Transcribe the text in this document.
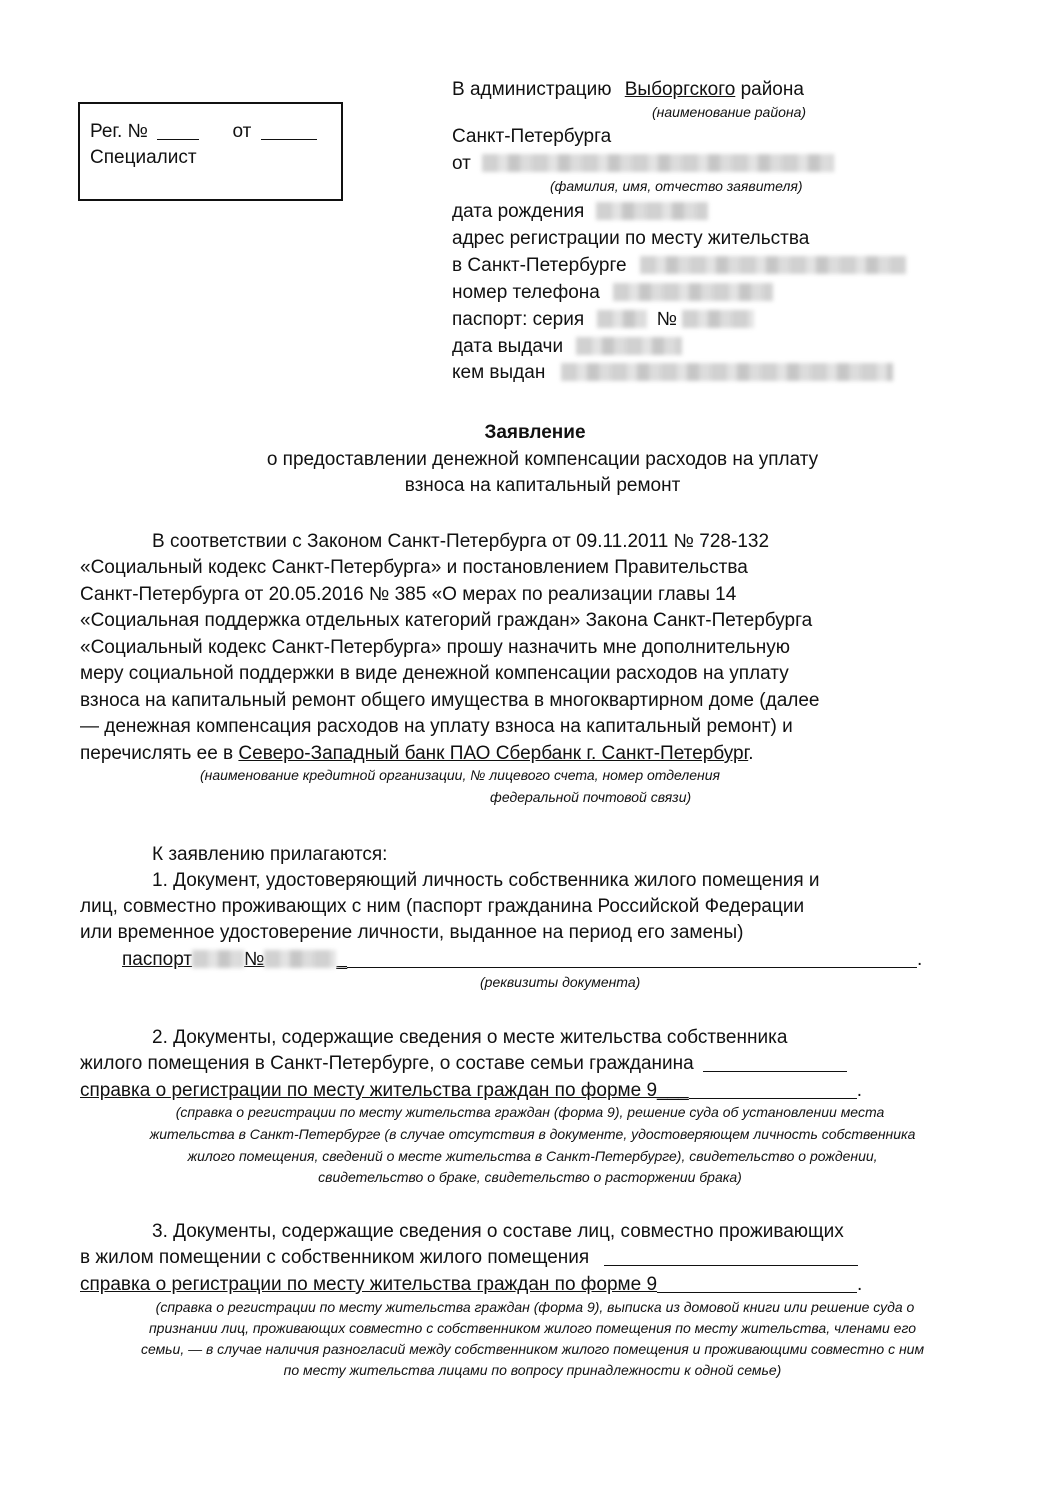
Рег. №	от
Специалист
В администрацию Выборгского района
(наименование района)
Санкт-Петербурга
от
(фамилия, имя, отчество заявителя)
дата рождения
адрес регистрации по месту жительства
в Санкт-Петербурге
номер телефона
паспорт: серия	№
дата выдачи
кем выдан
Заявление
о предоставлении денежной компенсации расходов на уплату
взноса на капитальный ремонт
В соответствии с Законом Санкт-Петербурга от 09.11.2011 № 728-132
«Социальный кодекс Санкт-Петербурга» и постановлением Правительства
Санкт-Петербурга от 20.05.2016 № 385 «О мерах по реализации главы 14
«Социальная поддержка отдельных категорий граждан» Закона Санкт-Петербурга
«Социальный кодекс Санкт-Петербурга» прошу назначить мне дополнительную
меру социальной поддержки в виде денежной компенсации расходов на уплату
взноса на капитальный ремонт общего имущества в многоквартирном доме (далее
— денежная компенсация расходов на уплату взноса на капитальный ремонт) и
перечислять ее в Северо-Западный банк ПАО Сбербанк г. Санкт-Петербург.
(наименование кредитной организации, № лицевого счета, номер отделения
федеральной почтовой связи)
К заявлению прилагаются:
1. Документ, удостоверяющий личность собственника жилого помещения и
лиц, совместно проживающих с ним (паспорт гражданина Российской Федерации
или временное удостоверение личности, выданное на период его замены)
паспорт	№	_	.
(реквизиты документа)
2. Документы, содержащие сведения о месте жительства собственника
жилого помещения в Санкт-Петербурге, о составе семьи гражданина
справка о регистрации по месту жительства граждан по форме 9___	.
(справка о регистрации по месту жительства граждан (форма 9), решение суда об установлении места
жительства в Санкт-Петербурге (в случае отсутствия в документе, удостоверяющем личность собственника
жилого помещения, сведений о месте жительства в Санкт-Петербурге), свидетельство о рождении,
свидетельство о браке, свидетельство о расторжении брака)
3. Документы, содержащие сведения о составе лиц, совместно проживающих
в жилом помещении с собственником жилого помещения
справка о регистрации по месту жительства граждан по форме 9	.
(справка о регистрации по месту жительства граждан (форма 9), выписка из домовой книги или решение суда о
признании лиц, проживающих совместно с собственником жилого помещения по месту жительства, членами его
семьи, — в случае наличия разногласий между собственником жилого помещения и проживающими совместно с ним
по месту жительства лицами по вопросу принадлежности к одной семье)
